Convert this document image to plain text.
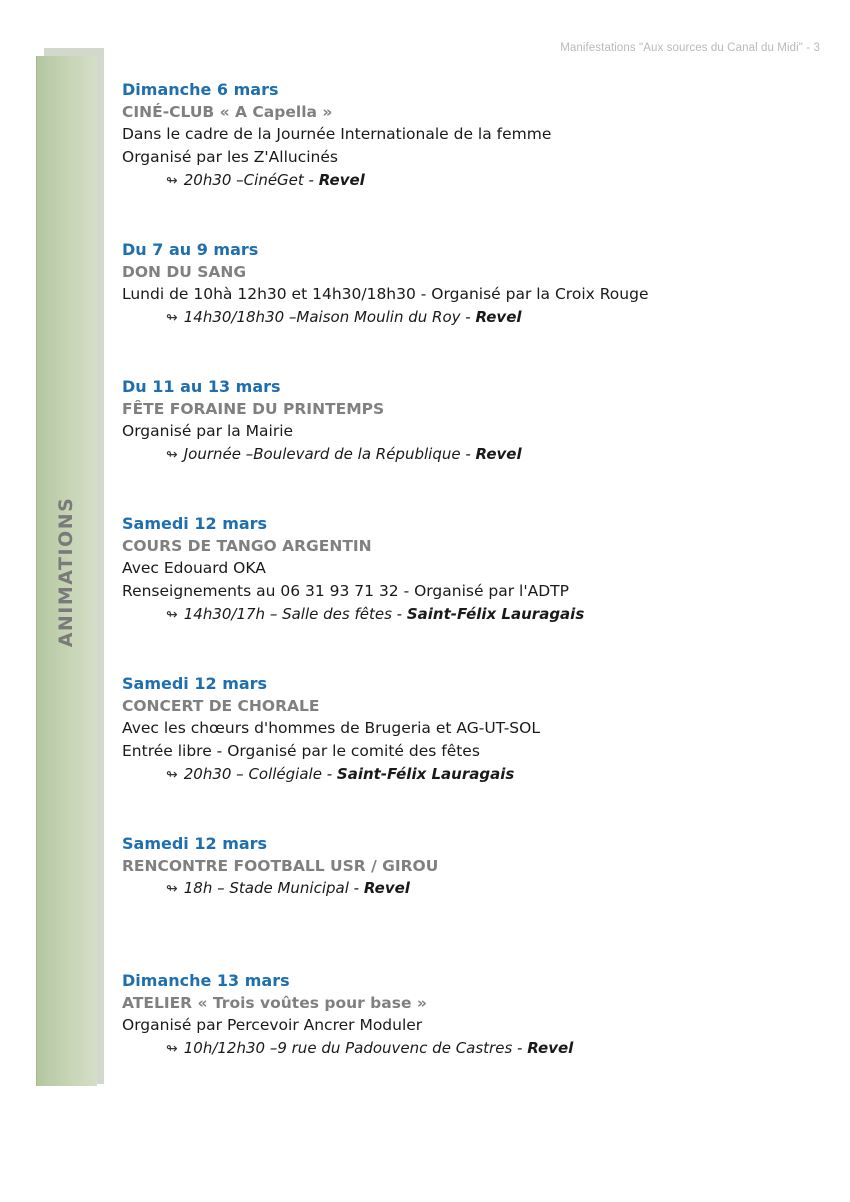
Manifestations "Aux sources du Canal du Midi" - 3
ANIMATIONS
Dimanche 6 mars
CINÉ-CLUB « A Capella »
Dans le cadre de la Journée Internationale de la femme
Organisé par les Z'Allucinés
↬ 20h30 –CinéGet - Revel
Du 7 au 9 mars
DON DU SANG
Lundi de 10hà 12h30 et 14h30/18h30 - Organisé par la Croix Rouge
↬ 14h30/18h30 –Maison Moulin du Roy - Revel
Du 11 au 13 mars
FÊTE FORAINE DU PRINTEMPS
Organisé par la Mairie
↬ Journée –Boulevard de la République - Revel
Samedi 12 mars
COURS DE TANGO ARGENTIN
Avec Edouard OKA
Renseignements au 06 31 93 71 32 - Organisé par l'ADTP
↬ 14h30/17h – Salle des fêtes - Saint-Félix Lauragais
Samedi 12 mars
CONCERT DE CHORALE
Avec les chœurs d'hommes de Brugeria et AG-UT-SOL
Entrée libre - Organisé par le comité des fêtes
↬ 20h30 – Collégiale - Saint-Félix Lauragais
Samedi 12 mars
RENCONTRE FOOTBALL USR / GIROU
↬ 18h – Stade Municipal - Revel
Dimanche 13 mars
ATELIER « Trois voûtes pour base »
Organisé par Percevoir Ancrer Moduler
↬ 10h/12h30 –9 rue du Padouvenc de Castres - Revel
